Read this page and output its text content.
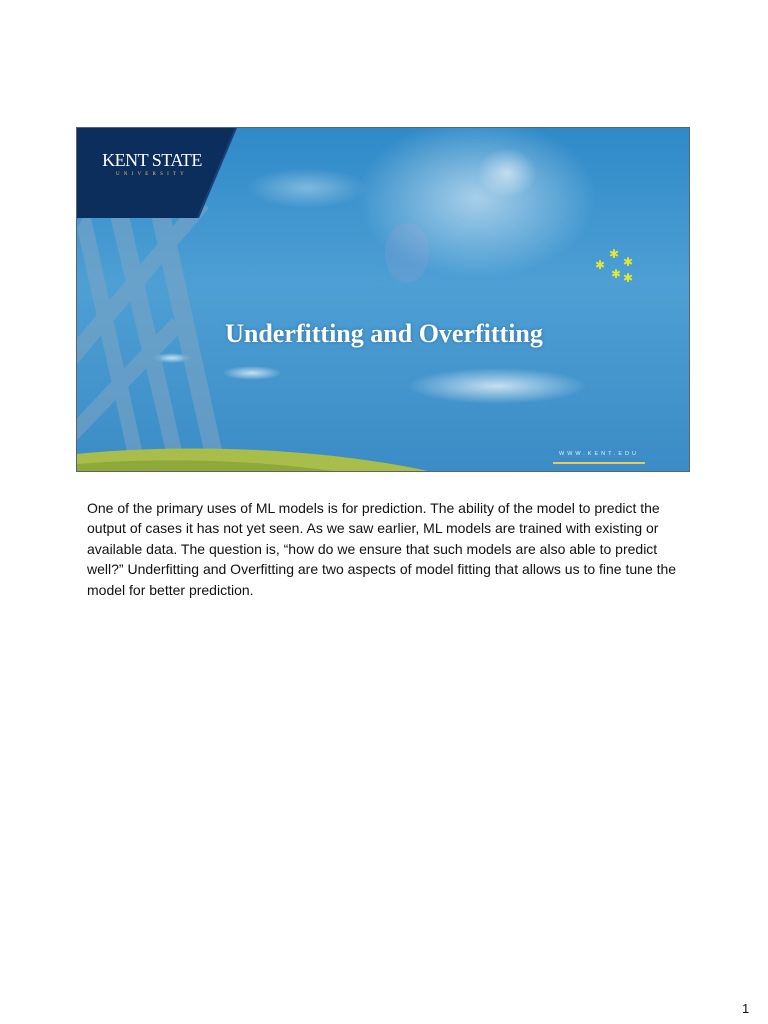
✱
✱ ✱
✱ ✱
KENT STATE
UNIVERSITY
Underfitting and Overfitting
WWW.KENT.EDU

One of the primary uses of ML models is for prediction. The ability of the model to predict the output of cases it has not yet seen. As we saw earlier, ML models are trained with existing or available data. The question is, “how do we ensure that such models are also able to predict well?” Underfitting and Overfitting are two aspects of model fitting that allows us to fine tune the model for better prediction.

1
